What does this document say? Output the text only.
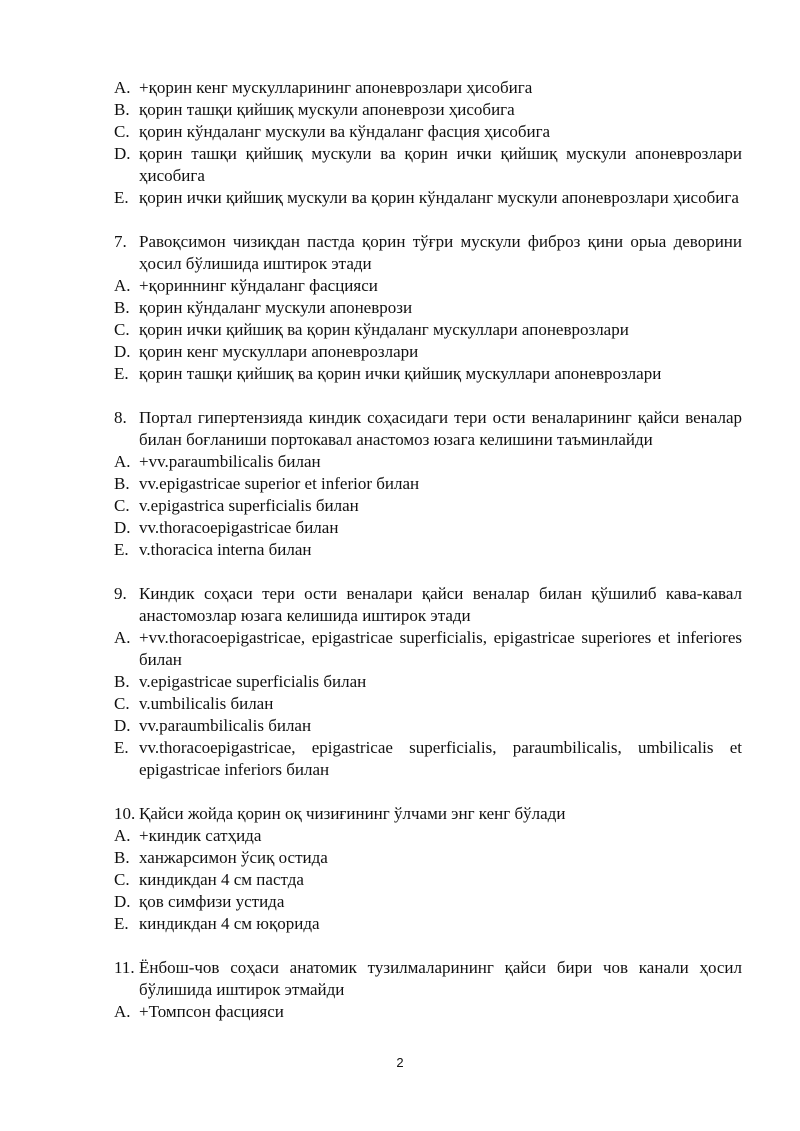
A. +қорин кенг мускулларининг апоневрозлари ҳисобига
B. қорин ташқи қийшиқ мускули апоневрози ҳисобига
C. қорин кўндаланг мускули ва кўндаланг фасция ҳисобига
D. қорин ташқи қийшиқ мускули ва қорин ички қийшиқ мускули апоневрозлари ҳисобига
E. қорин ички қийшиқ мускули ва қорин кўндаланг мускули апоневрозлари ҳисобига
7. Равоқсимон чизиқдан пастда қорин тўғри мускули фиброз қини орыа деворини ҳосил бўлишида иштирок этади
A. +қориннинг кўндаланг фасцияси
B. қорин кўндаланг мускули апоневрози
C. қорин ички қийшиқ ва қорин кўндаланг мускуллари апоневрозлари
D. қорин кенг мускуллари апоневрозлари
E. қорин ташқи қийшиқ ва қорин ички қийшиқ мускуллари апоневрозлари
8. Портал гипертензияда киндик соҳасидаги тери ости веналарининг қайси веналар билан боғланиши портокавал анастомоз юзага келишини таъминлайди
A. +vv.paraumbilicalis билан
B. vv.epigastricae superior et inferior билан
C. v.epigastrica superficialis билан
D. vv.thoracoepigastricae билан
E. v.thoracica interna билан
9. Киндик соҳаси тери ости веналари қайси веналар билан қўшилиб кава-кавал анастомозлар юзага келишида иштирок этади
A. +vv.thoracoepigastricae, epigastricae superficialis, epigastricae superiores et inferiores билан
B. v.epigastricae superficialis билан
C. v.umbilicalis билан
D. vv.paraumbilicalis билан
E. vv.thoracoepigastricae, epigastricae superficialis, paraumbilicalis, umbilicalis et epigastricae inferiors билан
10. Қайси жойда қорин оқ чизиғининг ўлчами энг кенг бўлади
A. +киндик сатҳида
B. ханжарсимон ўсиқ остида
C. киндикдан 4 см пастда
D. қов симфизи устида
E. киндикдан 4 см юқорида
11. Ёнбош-чов соҳаси анатомик тузилмаларининг қайси бири чов канали ҳосил бўлишида иштирок этмайди
A. +Томпсон фасцияси
2
